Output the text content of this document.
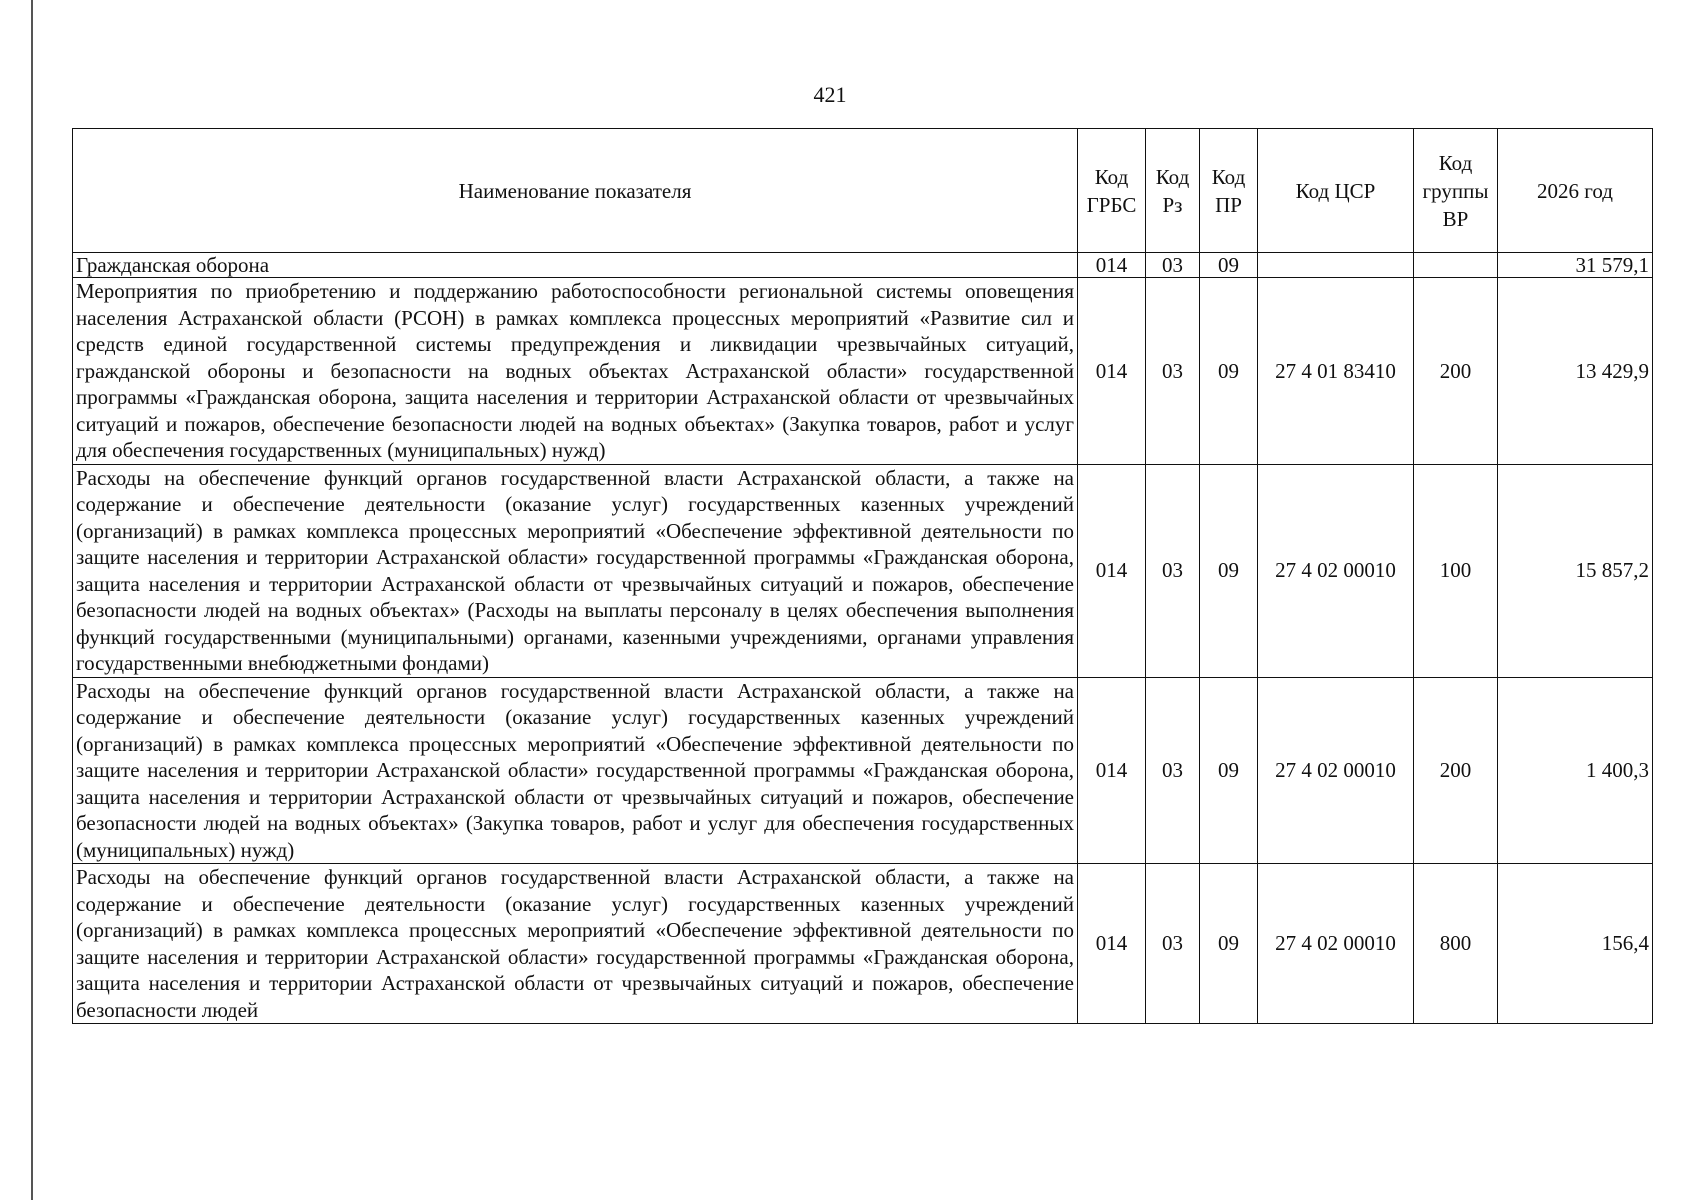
421
Наименование показателя	Код ГРБС	Код Рз	Код ПР	Код ЦСР	Код группы ВР	2026 год
Гражданская оборона	014	03	09			31 579,1
Мероприятия по приобретению и поддержанию работоспособности региональной системы оповещения населения Астраханской области (РСОН) в рамках комплекса процессных мероприятий «Развитие сил и средств единой государственной системы предупреждения и ликвидации чрезвычайных ситуаций, гражданской обороны и безопасности на водных объектах Астраханской области» государственной программы «Гражданская оборона, защита населения и территории Астраханской области от чрезвычайных ситуаций и пожаров, обеспечение безопасности людей на водных объектах» (Закупка товаров, работ и услуг для обеспечения государственных (муниципальных) нужд)	014	03	09	27 4 01 83410	200	13 429,9
Расходы на обеспечение функций органов государственной власти Астраханской области, а также на содержание и обеспечение деятельности (оказание услуг) государственных казенных учреждений (организаций) в рамках комплекса процессных мероприятий «Обеспечение эффективной деятельности по защите населения и территории Астраханской области» государственной программы «Гражданская оборона, защита населения и территории Астраханской области от чрезвычайных ситуаций и пожаров, обеспечение безопасности людей на водных объектах» (Расходы на выплаты персоналу в целях обеспечения выполнения функций государственными (муниципальными) органами, казенными учреждениями, органами управления государственными внебюджетными фондами)	014	03	09	27 4 02 00010	100	15 857,2
Расходы на обеспечение функций органов государственной власти Астраханской области, а также на содержание и обеспечение деятельности (оказание услуг) государственных казенных учреждений (организаций) в рамках комплекса процессных мероприятий «Обеспечение эффективной деятельности по защите населения и территории Астраханской области» государственной программы «Гражданская оборона, защита населения и территории Астраханской области от чрезвычайных ситуаций и пожаров, обеспечение безопасности людей на водных объектах» (Закупка товаров, работ и услуг для обеспечения государственных (муниципальных) нужд)	014	03	09	27 4 02 00010	200	1 400,3
Расходы на обеспечение функций органов государственной власти Астраханской области, а также на содержание и обеспечение деятельности (оказание услуг) государственных казенных учреждений (организаций) в рамках комплекса процессных мероприятий «Обеспечение эффективной деятельности по защите населения и территории Астраханской области» государственной программы «Гражданская оборона, защита населения и территории Астраханской области от чрезвычайных ситуаций и пожаров, обеспечение безопасности людей	014	03	09	27 4 02 00010	800	156,4
